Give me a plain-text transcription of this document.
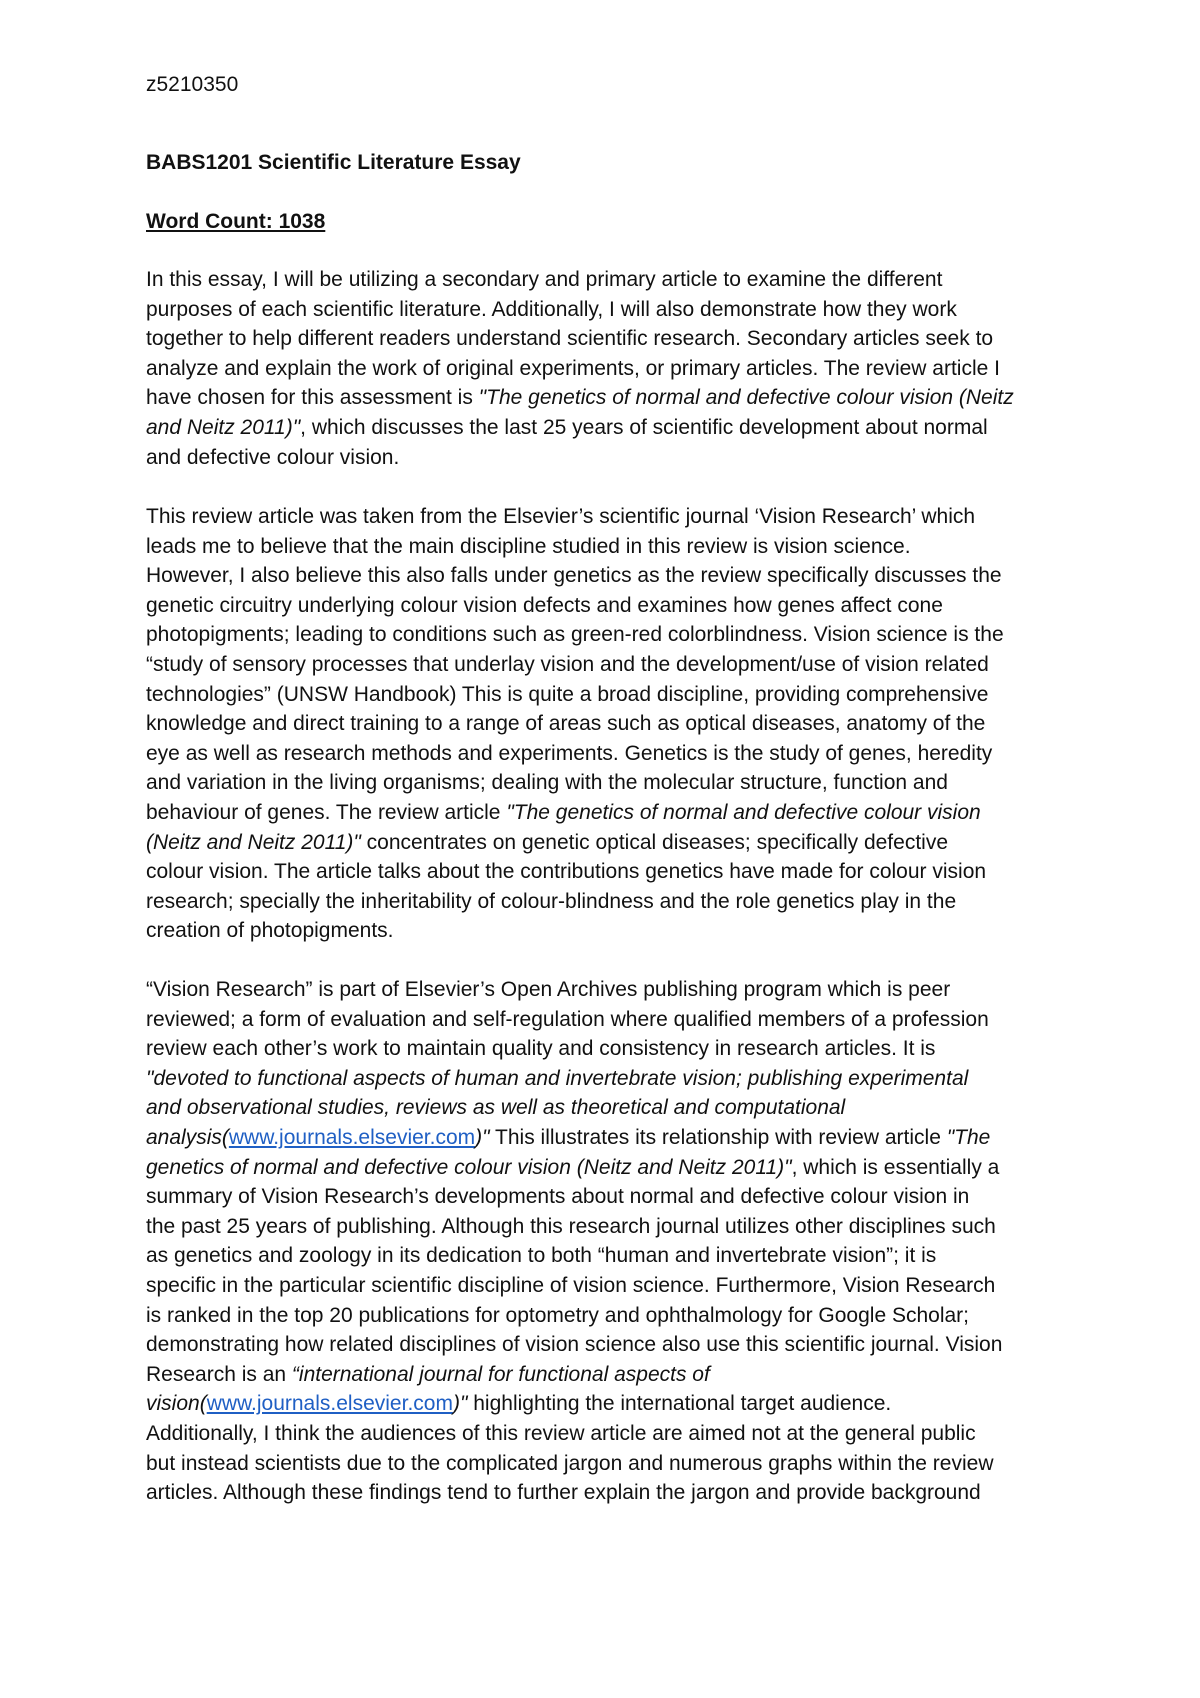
z5210350

BABS1201 Scientific Literature Essay

Word Count: 1038

In this essay, I will be utilizing a secondary and primary article to examine the different
purposes of each scientific literature. Additionally, I will also demonstrate how they work
together to help different readers understand scientific research. Secondary articles seek to
analyze and explain the work of original experiments, or primary articles. The review article I
have chosen for this assessment is "The genetics of normal and defective colour vision (Neitz
and Neitz 2011)", which discusses the last 25 years of scientific development about normal
and defective colour vision.
This review article was taken from the Elsevier’s scientific journal ‘Vision Research’ which
leads me to believe that the main discipline studied in this review is vision science.
However, I also believe this also falls under genetics as the review specifically discusses the
genetic circuitry underlying colour vision defects and examines how genes affect cone
photopigments; leading to conditions such as green-red colorblindness. Vision science is the
“study of sensory processes that underlay vision and the development/use of vision related
technologies” (UNSW Handbook) This is quite a broad discipline, providing comprehensive
knowledge and direct training to a range of areas such as optical diseases, anatomy of the
eye as well as research methods and experiments. Genetics is the study of genes, heredity
and variation in the living organisms; dealing with the molecular structure, function and
behaviour of genes. The review article "The genetics of normal and defective colour vision
(Neitz and Neitz 2011)" concentrates on genetic optical diseases; specifically defective
colour vision. The article talks about the contributions genetics have made for colour vision
research; specially the inheritability of colour-blindness and the role genetics play in the
creation of photopigments.
“Vision Research” is part of Elsevier’s Open Archives publishing program which is peer
reviewed; a form of evaluation and self-regulation where qualified members of a profession
review each other’s work to maintain quality and consistency in research articles. It is
"devoted to functional aspects of human and invertebrate vision; publishing experimental
and observational studies, reviews as well as theoretical and computational
analysis(www.journals.elsevier.com)" This illustrates its relationship with review article "The
genetics of normal and defective colour vision (Neitz and Neitz 2011)", which is essentially a
summary of Vision Research’s developments about normal and defective colour vision in
the past 25 years of publishing. Although this research journal utilizes other disciplines such
as genetics and zoology in its dedication to both “human and invertebrate vision”; it is
specific in the particular scientific discipline of vision science. Furthermore, Vision Research
is ranked in the top 20 publications for optometry and ophthalmology for Google Scholar;
demonstrating how related disciplines of vision science also use this scientific journal. Vision
Research is an “international journal for functional aspects of
vision(www.journals.elsevier.com)" highlighting the international target audience.
Additionally, I think the audiences of this review article are aimed not at the general public
but instead scientists due to the complicated jargon and numerous graphs within the review
articles. Although these findings tend to further explain the jargon and provide background
